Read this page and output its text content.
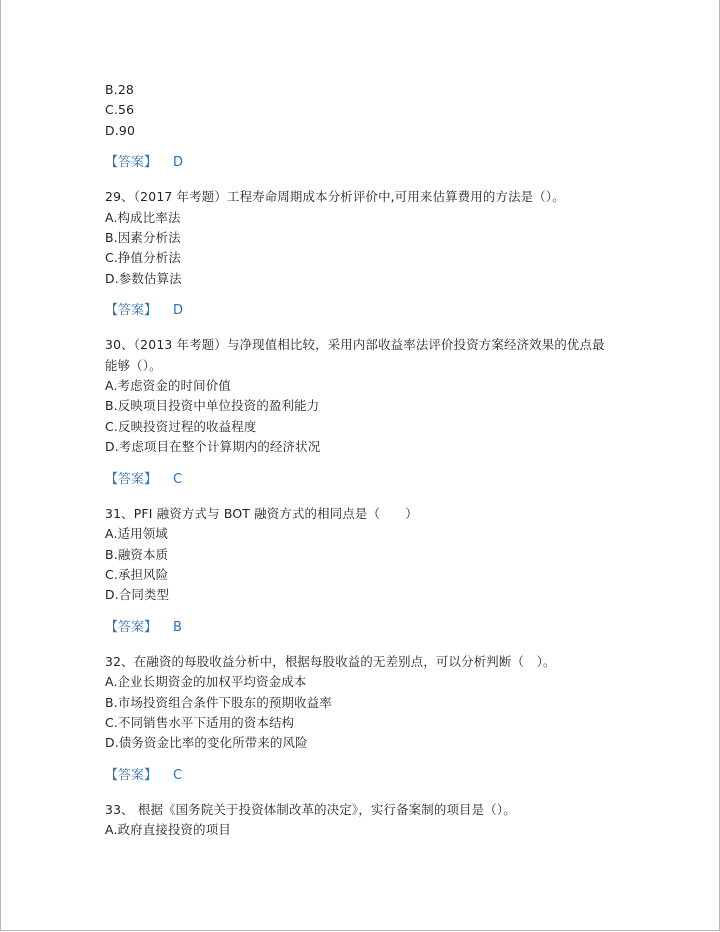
B.28
C.56
D.90
【答案】 D
29、（2017 年考题）工程寿命周期成本分析评价中,可用来估算费用的方法是（）。
A.构成比率法
B.因素分析法
C.挣值分析法
D.参数估算法
【答案】 D
30、（2013 年考题）与净现值相比较，采用内部收益率法评价投资方案经济效果的优点最能够（）。
A.考虑资金的时间价值
B.反映项目投资中单位投资的盈利能力
C.反映投资过程的收益程度
D.考虑项目在整个计算期内的经济状况
【答案】 C
31、PFI 融资方式与 BOT 融资方式的相同点是（　　）
A.适用领域
B.融资本质
C.承担风险
D.合同类型
【答案】 B
32、在融资的每股收益分析中，根据每股收益的无差别点，可以分析判断（　）。
A.企业长期资金的加权平均资金成本
B.市场投资组合条件下股东的预期收益率
C.不同销售水平下适用的资本结构
D.债务资金比率的变化所带来的风险
【答案】 C
33、 根据《国务院关于投资体制改革的决定》，实行备案制的项目是（）。
A.政府直接投资的项目
